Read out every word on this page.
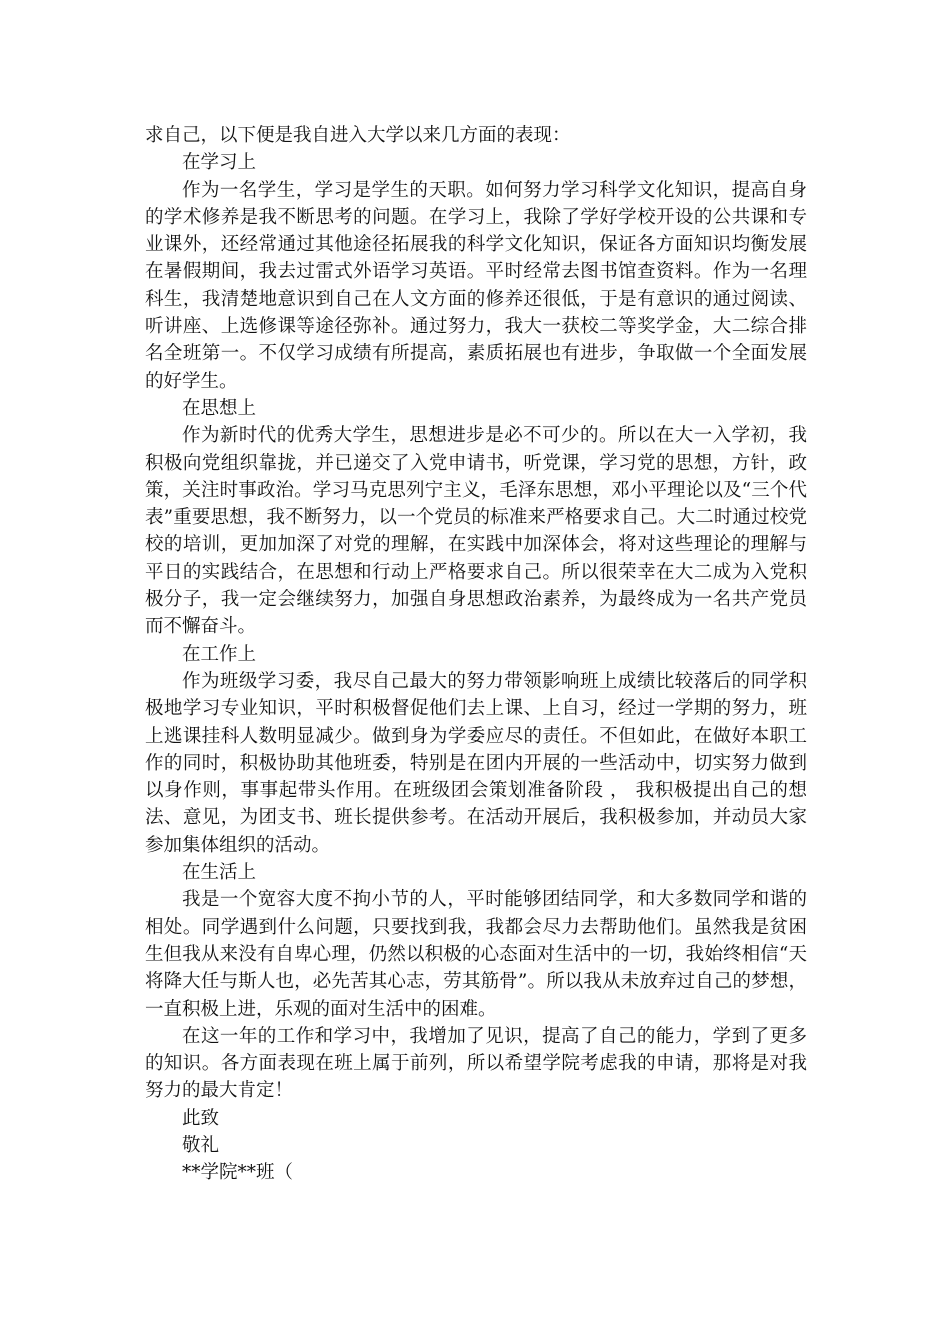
求自己，以下便是我自进入大学以来几方面的表现：

在学习上

作为一名学生，学习是学生的天职。如何努力学习科学文化知识，提高自身的学术修养是我不断思考的问题。在学习上，我除了学好学校开设的公共课和专业课外，还经常通过其他途径拓展我的科学文化知识，保证各方面知识均衡发展在暑假期间，我去过雷式外语学习英语。平时经常去图书馆查资料。作为一名理科生，我清楚地意识到自己在人文方面的修养还很低，于是有意识的通过阅读、听讲座、上选修课等途径弥补。通过努力，我大一获校二等奖学金，大二综合排名全班第一。不仅学习成绩有所提高，素质拓展也有进步，争取做一个全面发展的好学生。

在思想上

作为新时代的优秀大学生，思想进步是必不可少的。所以在大一入学初，我积极向党组织靠拢，并已递交了入党申请书，听党课，学习党的思想，方针，政策，关注时事政治。学习马克思列宁主义，毛泽东思想，邓小平理论以及“三个代表”重要思想，我不断努力，以一个党员的标准来严格要求自己。大二时通过校党校的培训，更加加深了对党的理解，在实践中加深体会，将对这些理论的理解与平日的实践结合，在思想和行动上严格要求自己。所以很荣幸在大二成为入党积极分子，我一定会继续努力，加强自身思想政治素养，为最终成为一名共产党员而不懈奋斗。

在工作上

作为班级学习委，我尽自己最大的努力带领影响班上成绩比较落后的同学积极地学习专业知识，平时积极督促他们去上课、上自习，经过一学期的努力，班上逃课挂科人数明显减少。做到身为学委应尽的责任。不但如此，在做好本职工作的同时，积极协助其他班委，特别是在团内开展的一些活动中，切实努力做到以身作则，事事起带头作用。在班级团会策划准备阶段 ， 我积极提出自己的想法、意见，为团支书、班长提供参考。在活动开展后，我积极参加，并动员大家参加集体组织的活动。

在生活上

我是一个宽容大度不拘小节的人，平时能够团结同学，和大多数同学和谐的相处。同学遇到什么问题，只要找到我，我都会尽力去帮助他们。虽然我是贫困生但我从来没有自卑心理，仍然以积极的心态面对生活中的一切，我始终相信“天将降大任与斯人也，必先苦其心志，劳其筋骨”。所以我从未放弃过自己的梦想，一直积极上进，乐观的面对生活中的困难。

在这一年的工作和学习中，我增加了见识，提高了自己的能力，学到了更多的知识。各方面表现在班上属于前列，所以希望学院考虑我的申请，那将是对我努力的最大肯定！

此致

敬礼

**学院**班（
